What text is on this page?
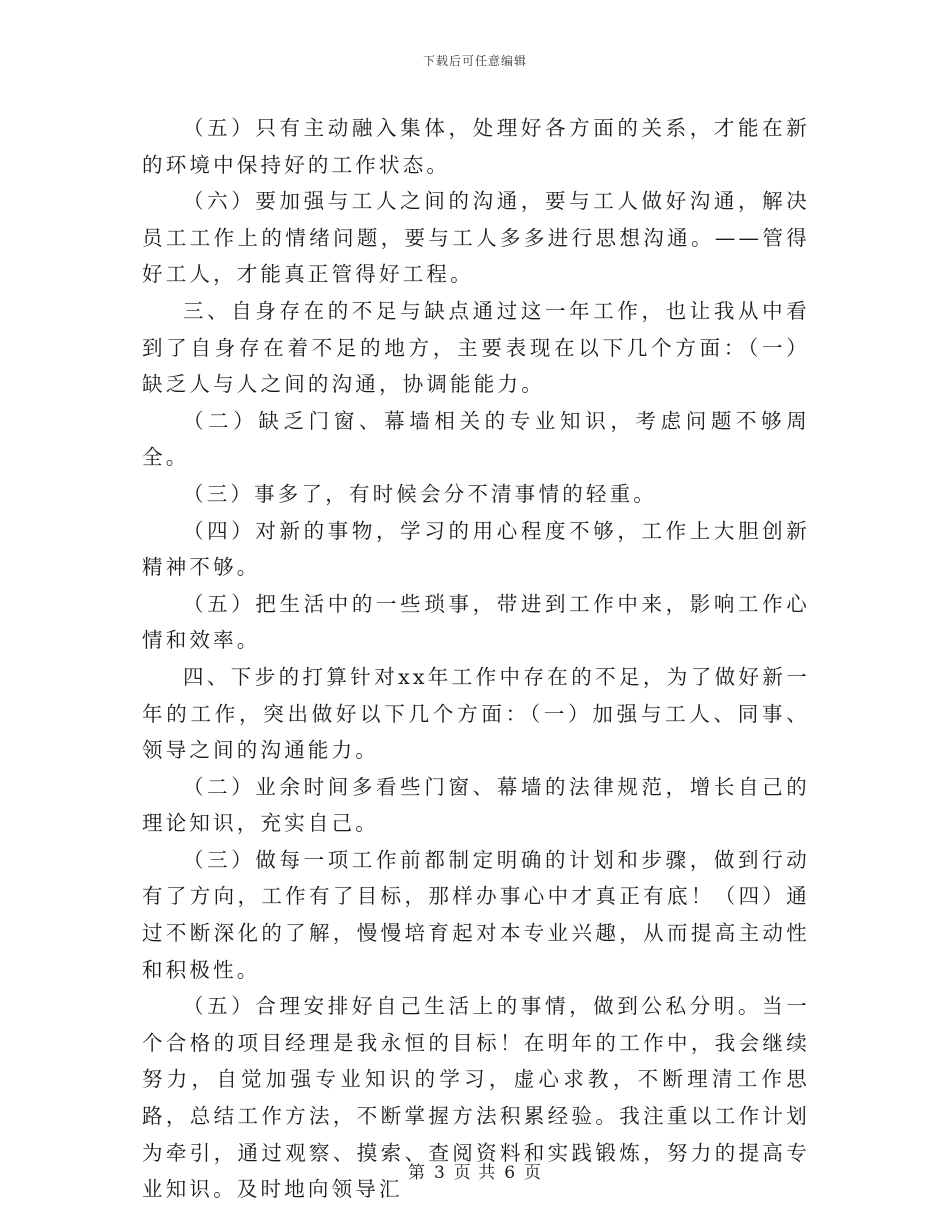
下载后可任意编辑

（五）只有主动融入集体，处理好各方面的关系，才能在新的环境中保持好的工作状态。

（六）要加强与工人之间的沟通，要与工人做好沟通，解决员工工作上的情绪问题，要与工人多多进行思想沟通。——管得好工人，才能真正管得好工程。

三、自身存在的不足与缺点通过这一年工作，也让我从中看到了自身存在着不足的地方，主要表现在以下几个方面：（一）缺乏人与人之间的沟通，协调能能力。

（二）缺乏门窗、幕墙相关的专业知识，考虑问题不够周全。

（三）事多了，有时候会分不清事情的轻重。

（四）对新的事物，学习的用心程度不够，工作上大胆创新精神不够。

（五）把生活中的一些琐事，带进到工作中来，影响工作心情和效率。

四、下步的打算针对xx年工作中存在的不足，为了做好新一年的工作，突出做好以下几个方面：（一）加强与工人、同事、领导之间的沟通能力。

（二）业余时间多看些门窗、幕墙的法律规范，增长自己的理论知识，充实自己。

（三）做每一项工作前都制定明确的计划和步骤，做到行动有了方向，工作有了目标，那样办事心中才真正有底！（四）通过不断深化的了解，慢慢培育起对本专业兴趣，从而提高主动性和积极性。

（五）合理安排好自己生活上的事情，做到公私分明。当一个合格的项目经理是我永恒的目标！在明年的工作中，我会继续努力，自觉加强专业知识的学习，虚心求教，不断理清工作思路，总结工作方法，不断掌握方法积累经验。我注重以工作计划为牵引，通过观察、摸索、查阅资料和实践锻炼，努力的提高专业知识。及时地向领导汇

第 3 页 共 6 页
